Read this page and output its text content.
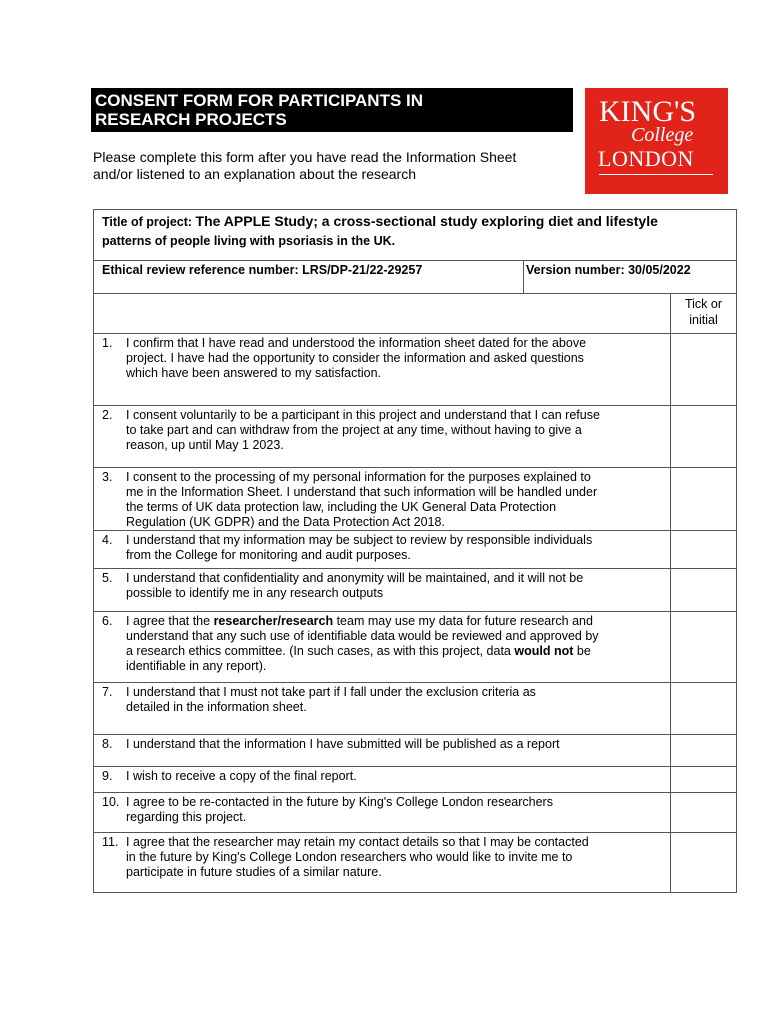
CONSENT FORM FOR PARTICIPANTS IN
RESEARCH PROJECTS
Please complete this form after you have read the Information Sheet
and/or listened to an explanation about the research
KING'S
College
LONDON
Title of project: The APPLE Study; a cross-sectional study exploring diet and lifestyle
patterns of people living with psoriasis in the UK.		
Ethical review reference number: LRS/DP-21/22-29257	Version number: 30/05/2022	
		Tick or
initial

1. I confirm that I have read and understood the information sheet dated for the above
project. I have had the opportunity to consider the information and asked questions
which have been answered to my satisfaction.		

2. I consent voluntarily to be a participant in this project and understand that I can refuse
to take part and can withdraw from the project at any time, without having to give a
reason, up until May 1 2023.		

3. I consent to the processing of my personal information for the purposes explained to
me in the Information Sheet. I understand that such information will be handled under
the terms of UK data protection law, including the UK General Data Protection
Regulation (UK GDPR) and the Data Protection Act 2018.		

4. I understand that my information may be subject to review by responsible individuals
from the College for monitoring and audit purposes.		

5. I understand that confidentiality and anonymity will be maintained, and it will not be
possible to identify me in any research outputs		

6. I agree that the researcher/research team may use my data for future research and
understand that any such use of identifiable data would be reviewed and approved by
a research ethics committee. (In such cases, as with this project, data would not be
identifiable in any report).		

7. I understand that I must not take part if I fall under the exclusion criteria as
detailed in the information sheet.		

8. I understand that the information I have submitted will be published as a report		

9. I wish to receive a copy of the final report.		

10. I agree to be re-contacted in the future by King's College London researchers
regarding this project.		

11. I agree that the researcher may retain my contact details so that I may be contacted
in the future by King's College London researchers who would like to invite me to
participate in future studies of a similar nature.		
